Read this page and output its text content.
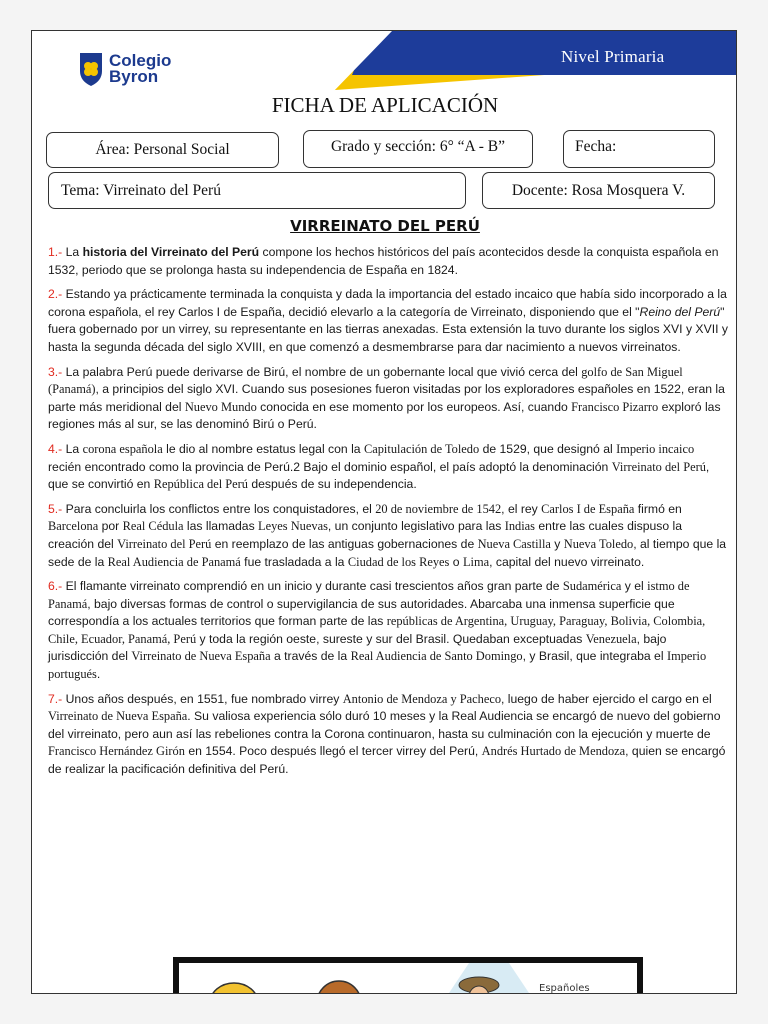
Colegio
Byron
Nivel Primaria
FICHA DE APLICACIÓN
Área: Personal Social	Grado y sección: 6° “A - B”	Fecha:
Tema: Virreinato del Perú	Docente: Rosa Mosquera V.
VIRREINATO DEL PERÚ

1.- La historia del Virreinato del Perú compone los hechos históricos del país acontecidos desde la conquista española en 1532, periodo que se prolonga hasta su independencia de España en 1824.

2.- Estando ya prácticamente terminada la conquista y dada la importancia del estado incaico que había sido incorporado a la corona española, el rey Carlos I de España, decidió elevarlo a la categoría de Virreinato, disponiendo que el "Reino del Perú" fuera gobernado por un virrey, su representante en las tierras anexadas. Esta extensión la tuvo durante los siglos XVI y XVII y hasta la segunda década del siglo XVIII, en que comenzó a desmembrarse para dar nacimiento a nuevos virreinatos.

3.- La palabra Perú puede derivarse de Birú, el nombre de un gobernante local que vivió cerca del golfo de San Miguel (Panamá), a principios del siglo XVI. Cuando sus posesiones fueron visitadas por los exploradores españoles en 1522, eran la parte más meridional del Nuevo Mundo conocida en ese momento por los europeos. Así, cuando Francisco Pizarro exploró las regiones más al sur, se las denominó Birú o Perú.

4.- La corona española le dio al nombre estatus legal con la Capitulación de Toledo de 1529, que designó al Imperio incaico recién encontrado como la provincia de Perú.2 Bajo el dominio español, el país adoptó la denominación Virreinato del Perú, que se convirtió en República del Perú después de su independencia.

5.- Para concluirla los conflictos entre los conquistadores, el 20 de noviembre de 1542, el rey Carlos I de España firmó en Barcelona por Real Cédula las llamadas Leyes Nuevas, un conjunto legislativo para las Indias entre las cuales dispuso la creación del Virreinato del Perú en reemplazo de las antiguas gobernaciones de Nueva Castilla y Nueva Toledo, al tiempo que la sede de la Real Audiencia de Panamá fue trasladada a la Ciudad de los Reyes o Lima, capital del nuevo virreinato.

6.- El flamante virreinato comprendió en un inicio y durante casi trescientos años gran parte de Sudamérica y el istmo de Panamá, bajo diversas formas de control o supervigilancia de sus autoridades. Abarcaba una inmensa superficie que correspondía a los actuales territorios que forman parte de las repúblicas de Argentina, Uruguay, Paraguay, Bolivia, Colombia, Chile, Ecuador, Panamá, Perú y toda la región oeste, sureste y sur del Brasil. Quedaban exceptuadas Venezuela, bajo jurisdicción del Virreinato de Nueva España a través de la Real Audiencia de Santo Domingo, y Brasil, que integraba el Imperio portugués.

7.- Unos años después, en 1551, fue nombrado virrey Antonio de Mendoza y Pacheco, luego de haber ejercido el cargo en el Virreinato de Nueva España. Su valiosa experiencia sólo duró 10 meses y la Real Audiencia se encargó de nuevo del gobierno del virreinato, pero aun así las rebeliones contra la Corona continuaron, hasta su culminación con la ejecución y muerte de Francisco Hernández Girón en 1554. Poco después llegó el tercer virrey del Perú, Andrés Hurtado de Mendoza, quien se encargó de realizar la pacificación definitiva del Perú.

Españoles
